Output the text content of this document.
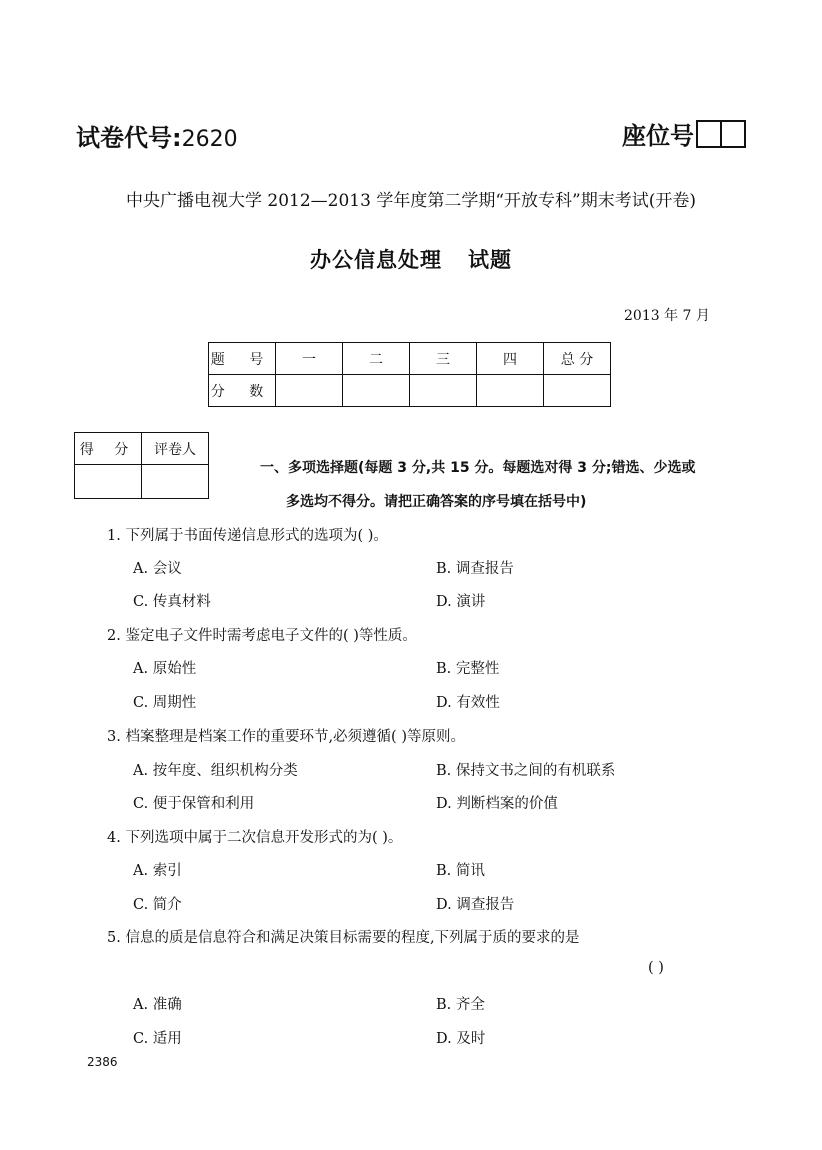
试卷代号:2620	座位号
中央广播电视大学 2012—2013 学年度第二学期“开放专科”期末考试(开卷)
办公信息处理 试题
2013 年 7 月
题 号	一	二	三	四	总 分
分 数					
得 分	评卷人

一、多项选择题(每题 3 分,共 15 分。每题选对得 3 分;错选、少选或
多选均不得分。请把正确答案的序号填在括号中)
1. 下列属于书面传递信息形式的选项为( )。
A. 会议	B. 调查报告
C. 传真材料	D. 演讲
2. 鉴定电子文件时需考虑电子文件的( )等性质。
A. 原始性	B. 完整性
C. 周期性	D. 有效性
3. 档案整理是档案工作的重要环节,必须遵循( )等原则。
A. 按年度、组织机构分类	B. 保持文书之间的有机联系
C. 便于保管和利用	D. 判断档案的价值
4. 下列选项中属于二次信息开发形式的为( )。
A. 索引	B. 简讯
C. 简介	D. 调查报告
5. 信息的质是信息符合和满足决策目标需要的程度,下列属于质的要求的是
( )
A. 准确	B. 齐全
C. 适用	D. 及时
2386
